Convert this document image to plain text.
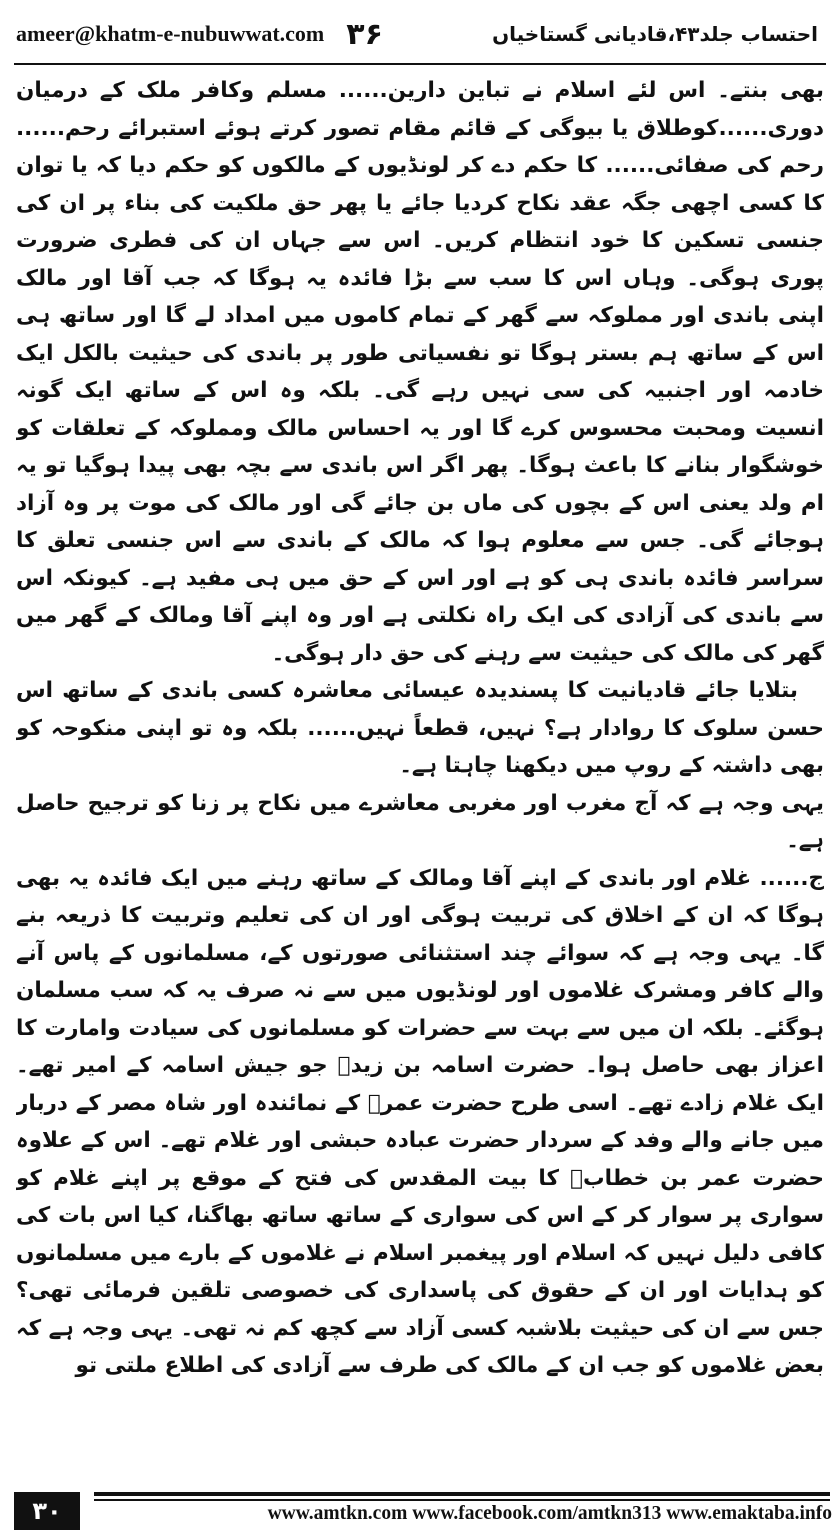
ameer@khatm-e-nubuwwat.com ۳۶	احتساب جلد۴۳،قادیانی گستاخیاں

بھی بنتے۔ اس لئے اسلام نے تباین دارین...... مسلم وکافر ملک کے درمیان دوری......کوطلاق یا بیوگی کے قائم مقام تصور کرتے ہوئے استبرائے رحم...... رحم کی صفائی...... کا حکم دے کر لونڈیوں کے مالکوں کو حکم دیا کہ یا توان کا کسی اچھی جگہ عقد نکاح کردیا جائے یا پھر حق ملکیت کی بناء پر ان کی جنسی تسکین کا خود انتظام کریں۔ اس سے جہاں ان کی فطری ضرورت پوری ہوگی۔ وہاں اس کا سب سے بڑا فائدہ یہ ہوگا کہ جب آقا اور مالک اپنی باندی اور مملوکہ سے گھر کے تمام کاموں میں امداد لے گا اور ساتھ ہی اس کے ساتھ ہم بستر ہوگا تو نفسیاتی طور پر باندی کی حیثیت بالکل ایک خادمہ اور اجنبیہ کی سی نہیں رہے گی۔ بلکہ وہ اس کے ساتھ ایک گونہ انسیت ومحبت محسوس کرے گا اور یہ احساس مالک ومملوکہ کے تعلقات کو خوشگوار بنانے کا باعث ہوگا۔ پھر اگر اس باندی سے بچہ بھی پیدا ہوگیا تو یہ ام ولد یعنی اس کے بچوں کی ماں بن جائے گی اور مالک کی موت پر وہ آزاد ہوجائے گی۔ جس سے معلوم ہوا کہ مالک کے باندی سے اس جنسی تعلق کا سراسر فائدہ باندی ہی کو ہے اور اس کے حق میں ہی مفید ہے۔ کیونکہ اس سے باندی کی آزادی کی ایک راہ نکلتی ہے اور وہ اپنے آقا ومالک کے گھر میں گھر کی مالک کی حیثیت سے رہنے کی حق دار ہوگی۔

بتلایا جائے قادیانیت کا پسندیدہ عیسائی معاشرہ کسی باندی کے ساتھ اس حسن سلوک کا روادار ہے؟ نہیں، قطعاً نہیں...... بلکہ وہ تو اپنی منکوحہ کو بھی داشتہ کے روپ میں دیکھنا چاہتا ہے۔

یہی وجہ ہے کہ آج مغرب اور مغربی معاشرے میں نکاح پر زنا کو ترجیح حاصل ہے۔

ج...... غلام اور باندی کے اپنے آقا ومالک کے ساتھ رہنے میں ایک فائدہ یہ بھی ہوگا کہ ان کے اخلاق کی تربیت ہوگی اور ان کی تعلیم وتربیت کا ذریعہ بنے گا۔ یہی وجہ ہے کہ سوائے چند استثنائی صورتوں کے، مسلمانوں کے پاس آنے والے کافر ومشرک غلاموں اور لونڈیوں میں سے نہ صرف یہ کہ سب مسلمان ہوگئے۔ بلکہ ان میں سے بہت سے حضرات کو مسلمانوں کی سیادت وامارت کا اعزاز بھی حاصل ہوا۔ حضرت اسامہ بن زیدؓ جو جیش اسامہ کے امیر تھے۔ ایک غلام زادے تھے۔ اسی طرح حضرت عمرؓ کے نمائندہ اور شاہ مصر کے دربار میں جانے والے وفد کے سردار حضرت عبادہ حبشی اور غلام تھے۔ اس کے علاوہ حضرت عمر بن خطابؓ کا بیت المقدس کی فتح کے موقع پر اپنے غلام کو سواری پر سوار کر کے اس کی سواری کے ساتھ ساتھ بھاگنا، کیا اس بات کی کافی دلیل نہیں کہ اسلام اور پیغمبر اسلام نے غلاموں کے بارے میں مسلمانوں کو ہدایات اور ان کے حقوق کی پاسداری کی خصوصی تلقین فرمائی تھی؟ جس سے ان کی حیثیت بلاشبہ کسی آزاد سے کچھ کم نہ تھی۔ یہی وجہ ہے کہ بعض غلاموں کو جب ان کے مالک کی طرف سے آزادی کی اطلاع ملتی تو

۳۰	www.amtkn.com www.facebook.com/amtkn313 www.emaktaba.info
